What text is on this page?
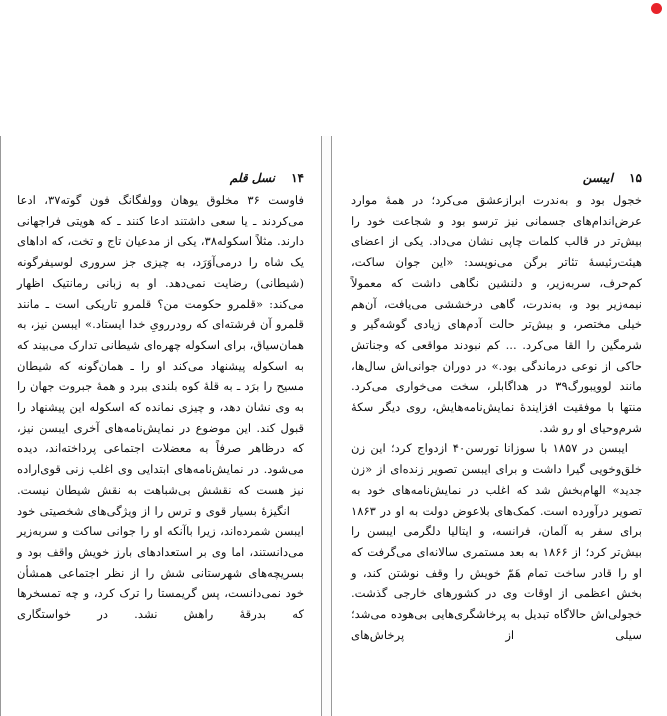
۱۴ نسل قلم

فاوست ۳۶ مخلوق یوهان وولفگانگ فون گوته۳۷، ادعا می‌کردند ـ یا سعی داشتند ادعا کنند ـ که هویتی فراجهانی دارند. مثلاً اسکوله۳۸، یکی از مدعیان تاج و تخت، که اداهای یک شاه را درمی‌آوَرَد، به چیزی جز سروری لوسیفرگونه (شیطانی) رضایت نمی‌دهد. او به زبانی رمانتیک اظهار می‌کند: «قلمرو حکومت من؟ قلمرو تاریکی است ـ مانند قلمرو آن فرشته‌ای که رودررویِ خدا ایستاد.» ایبسن نیز، به همان‌سیاق، برای اسکوله چهره‌ای شیطانی تدارک می‌بیند که به اسکوله پیشنهاد می‌کند او را ـ همان‌گونه که شیطان مسیح را برَد ـ به قلهٔ کوه بلندی ببرد و همهٔ جبروت جهان را به وی نشان دهد، و چیزی نمانده که اسکوله این پیشنهاد را قبول کند. این موضوع در نمایش‌نامه‌های آخری ایبسن نیز، که درظاهر صرفاً به معضلات اجتماعی پرداخته‌اند، دیده می‌شود. در نمایش‌نامه‌های ابتدایی وی اغلب زنی قوی‌اراده نیز هست که نقشش بی‌شباهت به نقش شیطان نیست.

انگیزهٔ بسیار قوی و ترس را از ویژگی‌های شخصیتی خود ایبسن شمرده‌اند، زیرا باآنکه او را جوانی ساکت و سربه‌زیر می‌دانستند، اما وی بر استعدادهای بارز خویش واقف بود و بسریچه‌های شهرستانی شش را از نظر اجتماعی همشأن خود نمی‌دانست، پس گریمستا را ترک کرد، و چه تمسخرها که بدرقهٔ راهش نشد. در خواستگاری

۱۵ ایبسن

خجول بود و به‌ندرت ابرازعشق می‌کرد؛ در همهٔ موارد عرض‌اندام‌های جسمانی نیز ترسو بود و شجاعت خود را بیش‌تر در قالب کلمات چاپی نشان می‌داد. یکی از اعضای هیئت‌رئیسهٔ تئاتر برگن می‌نویسد: «این جوان ساکت، کم‌حرف، سربه‌زیر، و دلنشین نگاهی داشت که معمولاً نیمه‌زیر بود و، به‌ندرت، گاهی درخششی می‌یافت، آن‌هم خیلی مختصر، و بیش‌تر حالت آدم‌های زیادی گوشه‌گیر و شرمگین را القا می‌کرد. ... کم نبودند مواقعی که وجناتش حاکی از نوعی درماندگی بود.» در دوران جوانی‌اش سال‌ها، مانند لوویبورگ۳۹ در هداگابلر، سخت می‌خواری می‌کرد. منتها با موفقیت افزایندهٔ نمایش‌نامه‌هایش، روی دیگر سکهٔ شرم‌وحیای او رو شد.

ایبسن در ۱۸۵۷ با سوزانا تورسن۴۰ ازدواج کرد؛ این زن خلق‌وخویی گیرا داشت و برای ایبسن تصویر زنده‌ای از «زن جدید» الهام‌بخش شد که اغلب در نمایش‌نامه‌های خود به تصویر درآورده است. کمک‌های بلاعوض دولت به او در ۱۸۶۳ برای سفر به آلمان، فرانسه، و ایتالیا دلگرمی ایبسن را بیش‌تر کرد؛ از ۱۸۶۶ به بعد مستمری سالانه‌ای می‌گرفت که او را قادر ساخت تمام هَمّ خویش را وقف نوشتن کند، و بخش اعظمی از اوقات وی در کشورهای خارجی گذشت. خجولی‌اش حالاگاه تبدیل به پرخاشگری‌هایی بی‌هوده می‌شد؛ سیلی از پرخاش‌های
